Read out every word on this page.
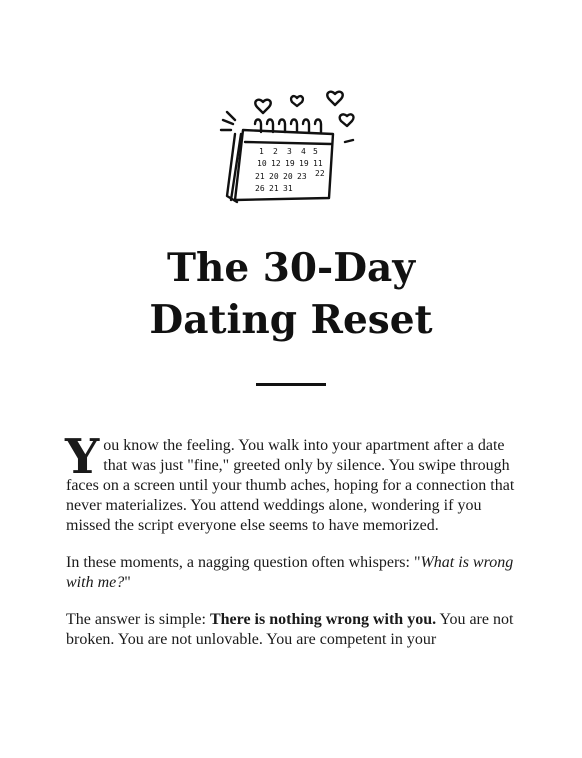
1 2 3 4 5
10 12 19 19 11
21 20 20 23 22
26 21 31
The 30-Day
Dating Reset

You know the feeling. You walk into your apartment after a date that was just "fine," greeted only by silence. You swipe through faces on a screen until your thumb aches, hoping for a connection that never materializes. You attend weddings alone, wondering if you missed the script everyone else seems to have memorized.

In these moments, a nagging question often whispers: "What is wrong with me?"

The answer is simple: There is nothing wrong with you. You are not broken. You are not unlovable. You are competent in your
